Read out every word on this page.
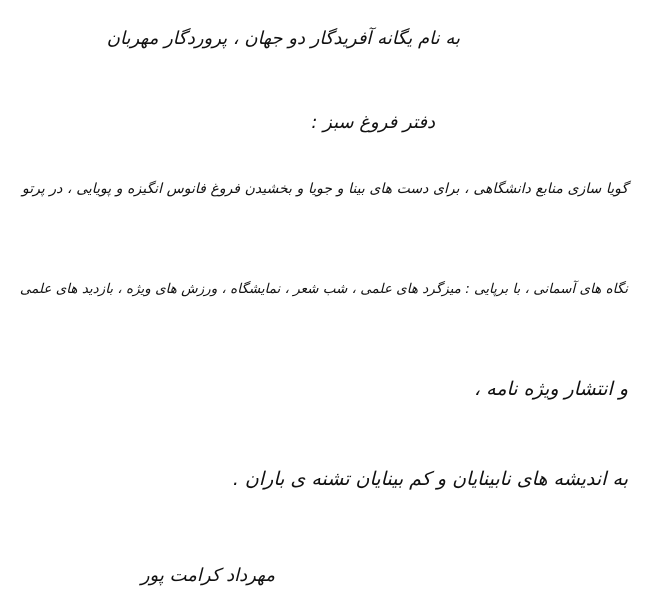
به نام یگانه آفریدگار دو جهان ، پروردگار مهربان
دفتر فروغ سبز :
گویا سازی منابع دانشگاهی ، برای دست های بینا و جویا و بخشیدن فروغ فانوس انگیزه و پویایی ، در پرتو
نگاه های آسمانی ، با برپایی : میزگرد های علمی ، شب شعر ، نمایشگاه ، ورزش های ویژه ، بازدید های علمی
و انتشار ویژه نامه ،
به اندیشه های نابینایان و کم بینایان تشنه ی باران .
مهرداد کرامت پور
